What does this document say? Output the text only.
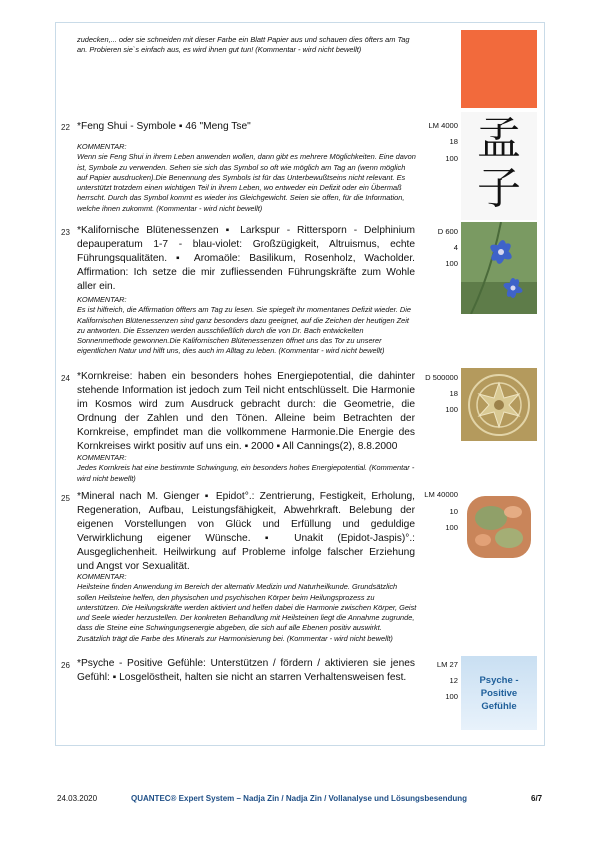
zudecken,... oder sie schneiden mit dieser Farbe ein Blatt Papier aus und schauen dies öfters am Tag an. Probieren sie`s einfach aus, es wird ihnen gut tun! (Kommentar - wird nicht bewellt)
22 *Feng Shui - Symbole ▪ 46 "Meng Tse"
KOMMENTAR:
Wenn sie Feng Shui in ihrem Leben anwenden wollen, dann gibt es mehrere Möglichkeiten. Eine davon ist, Symbole zu verwenden. Sehen sie sich das Symbol so oft wie möglich am Tag an (wenn möglich auf Papier ausdrucken).Die Benennung des Symbols ist für das Unterbewußtseins nicht relevant. Es unterstützt trotzdem einen wichtigen Teil in ihrem Leben, wo entweder ein Defizit oder ein Übermaß herrscht. Durch das Symbol kommt es wieder ins Gleichgewicht. Seien sie offen, für die Information, welche ihnen zukommt. (Kommentar - wird nicht bewellt)
LM 4000
18
100 孟子
23 *Kalifornische Blütenessenzen ▪ Larkspur - Rittersporn - Delphinium depauperatum 1-7 - blau-violet: Großzügigkeit, Altruismus, echte Führungsqualitäten. ▪ Aromaöle: Basilikum, Rosenholz, Wacholder. Affirmation: Ich setze die mir zufliessenden Führungskräfte zum Wohle aller ein.
KOMMENTAR:
Es ist hilfreich, die Affirmation öffters am Tag zu lesen. Sie spiegelt ihr momentanes Defizit wieder. Die Kalifornischen Blütenessenzen sind ganz besonders dazu geeignet, auf die Zeichen der heutigen Zeit zu antworten. Die Essenzen werden ausschließlich durch die von Dr. Bach entwickelten Sonnenmethode gewonnen.Die Kalifornischen Blütenessenzen öffnet uns das Tor zu unserer eigentlichen Natur und hilft uns, dies auch im Alltag zu leben. (Kommentar - wird nicht bewellt)
D 600
4
100
24 *Kornkreise: haben ein besonders hohes Energiepotential, die dahinter stehende Information ist jedoch zum Teil nicht entschlüsselt. Die Harmonie im Kosmos wird zum Ausdruck gebracht durch: die Geometrie, die Ordnung der Zahlen und den Tönen. Alleine beim Betrachten der Kornkreise, empfindet man die vollkommene Harmonie.Die Energie des Kornkreises wirkt positiv auf uns ein. ▪ 2000 ▪ All Cannings(2), 8.8.2000
KOMMENTAR:
Jedes Kornkreis hat eine bestimmte Schwingung, ein besonders hohes Energiepotential. (Kommentar - wird nicht bewellt)
D 500000
18
100
25 *Mineral nach M. Gienger ▪ Epidot°.: Zentrierung, Festigkeit, Erholung, Regeneration, Aufbau, Leistungsfähigkeit, Abwehrkraft. Belebung der eigenen Vorstellungen von Glück und Erfüllung und geduldige Verwirklichung eigener Wünsche. ▪ Unakit (Epidot-Jaspis)°.: Ausgeglichenheit. Heilwirkung auf Probleme infolge falscher Erziehung und Angst vor Sexualität.
KOMMENTAR:
Heilsteine finden Anwendung im Bereich der alternativ Medizin und Naturheilkunde. Grundsätzlich sollen Heilsteine helfen, den physischen und psychischen Körper beim Heilungsprozess zu unterstützen. Die Heilungskräfte werden aktiviert und helfen dabei die Harmonie zwischen Körper, Geist und Seele wieder herzustellen. Der konkreten Behandlung mit Heilsteinen liegt die Annahme zugrunde, dass die Steine eine Schwingungsenergie abgeben, die sich auf alle Ebenen positiv auswirkt. Zusätzlich trägt die Farbe des Minerals zur Harmonisierung bei. (Kommentar - wird nicht bewellt)
LM 40000
10
100
26 *Psyche - Positive Gefühle: Unterstützen / fördern / aktivieren sie jenes Gefühl: ▪ Losgelöstheit, halten sie nicht an starren Verhaltensweisen fest.
LM 27
12
100
Psyche - Positive Gefühle
24.03.2020	QUANTEC® Expert System – Nadja Zin / Nadja Zin / Vollanalyse und Lösungsbesendung	6/7
